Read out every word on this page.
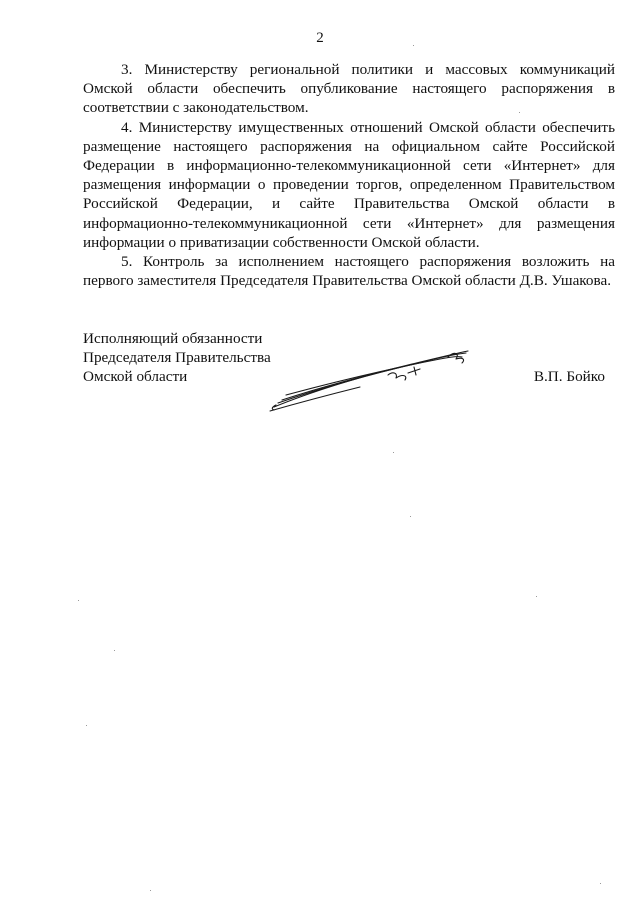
2

3. Министерству региональной политики и массовых коммуникаций Омской области обеспечить опубликование настоящего распоряжения в соответствии с законодательством.

4. Министерству имущественных отношений Омской области обеспечить размещение настоящего распоряжения на официальном сайте Российской Федерации в информационно-телекоммуникационной сети «Интернет» для размещения информации о проведении торгов, определенном Правительством Российской Федерации, и сайте Правительства Омской области в информационно-телекоммуникационной сети «Интернет» для размещения информации о приватизации собственности Омской области.

5. Контроль за исполнением настоящего распоряжения возложить на первого заместителя Председателя Правительства Омской области Д.В. Ушакова.

Исполняющий обязанности
Председателя Правительства
Омской области	В.П. Бойко
